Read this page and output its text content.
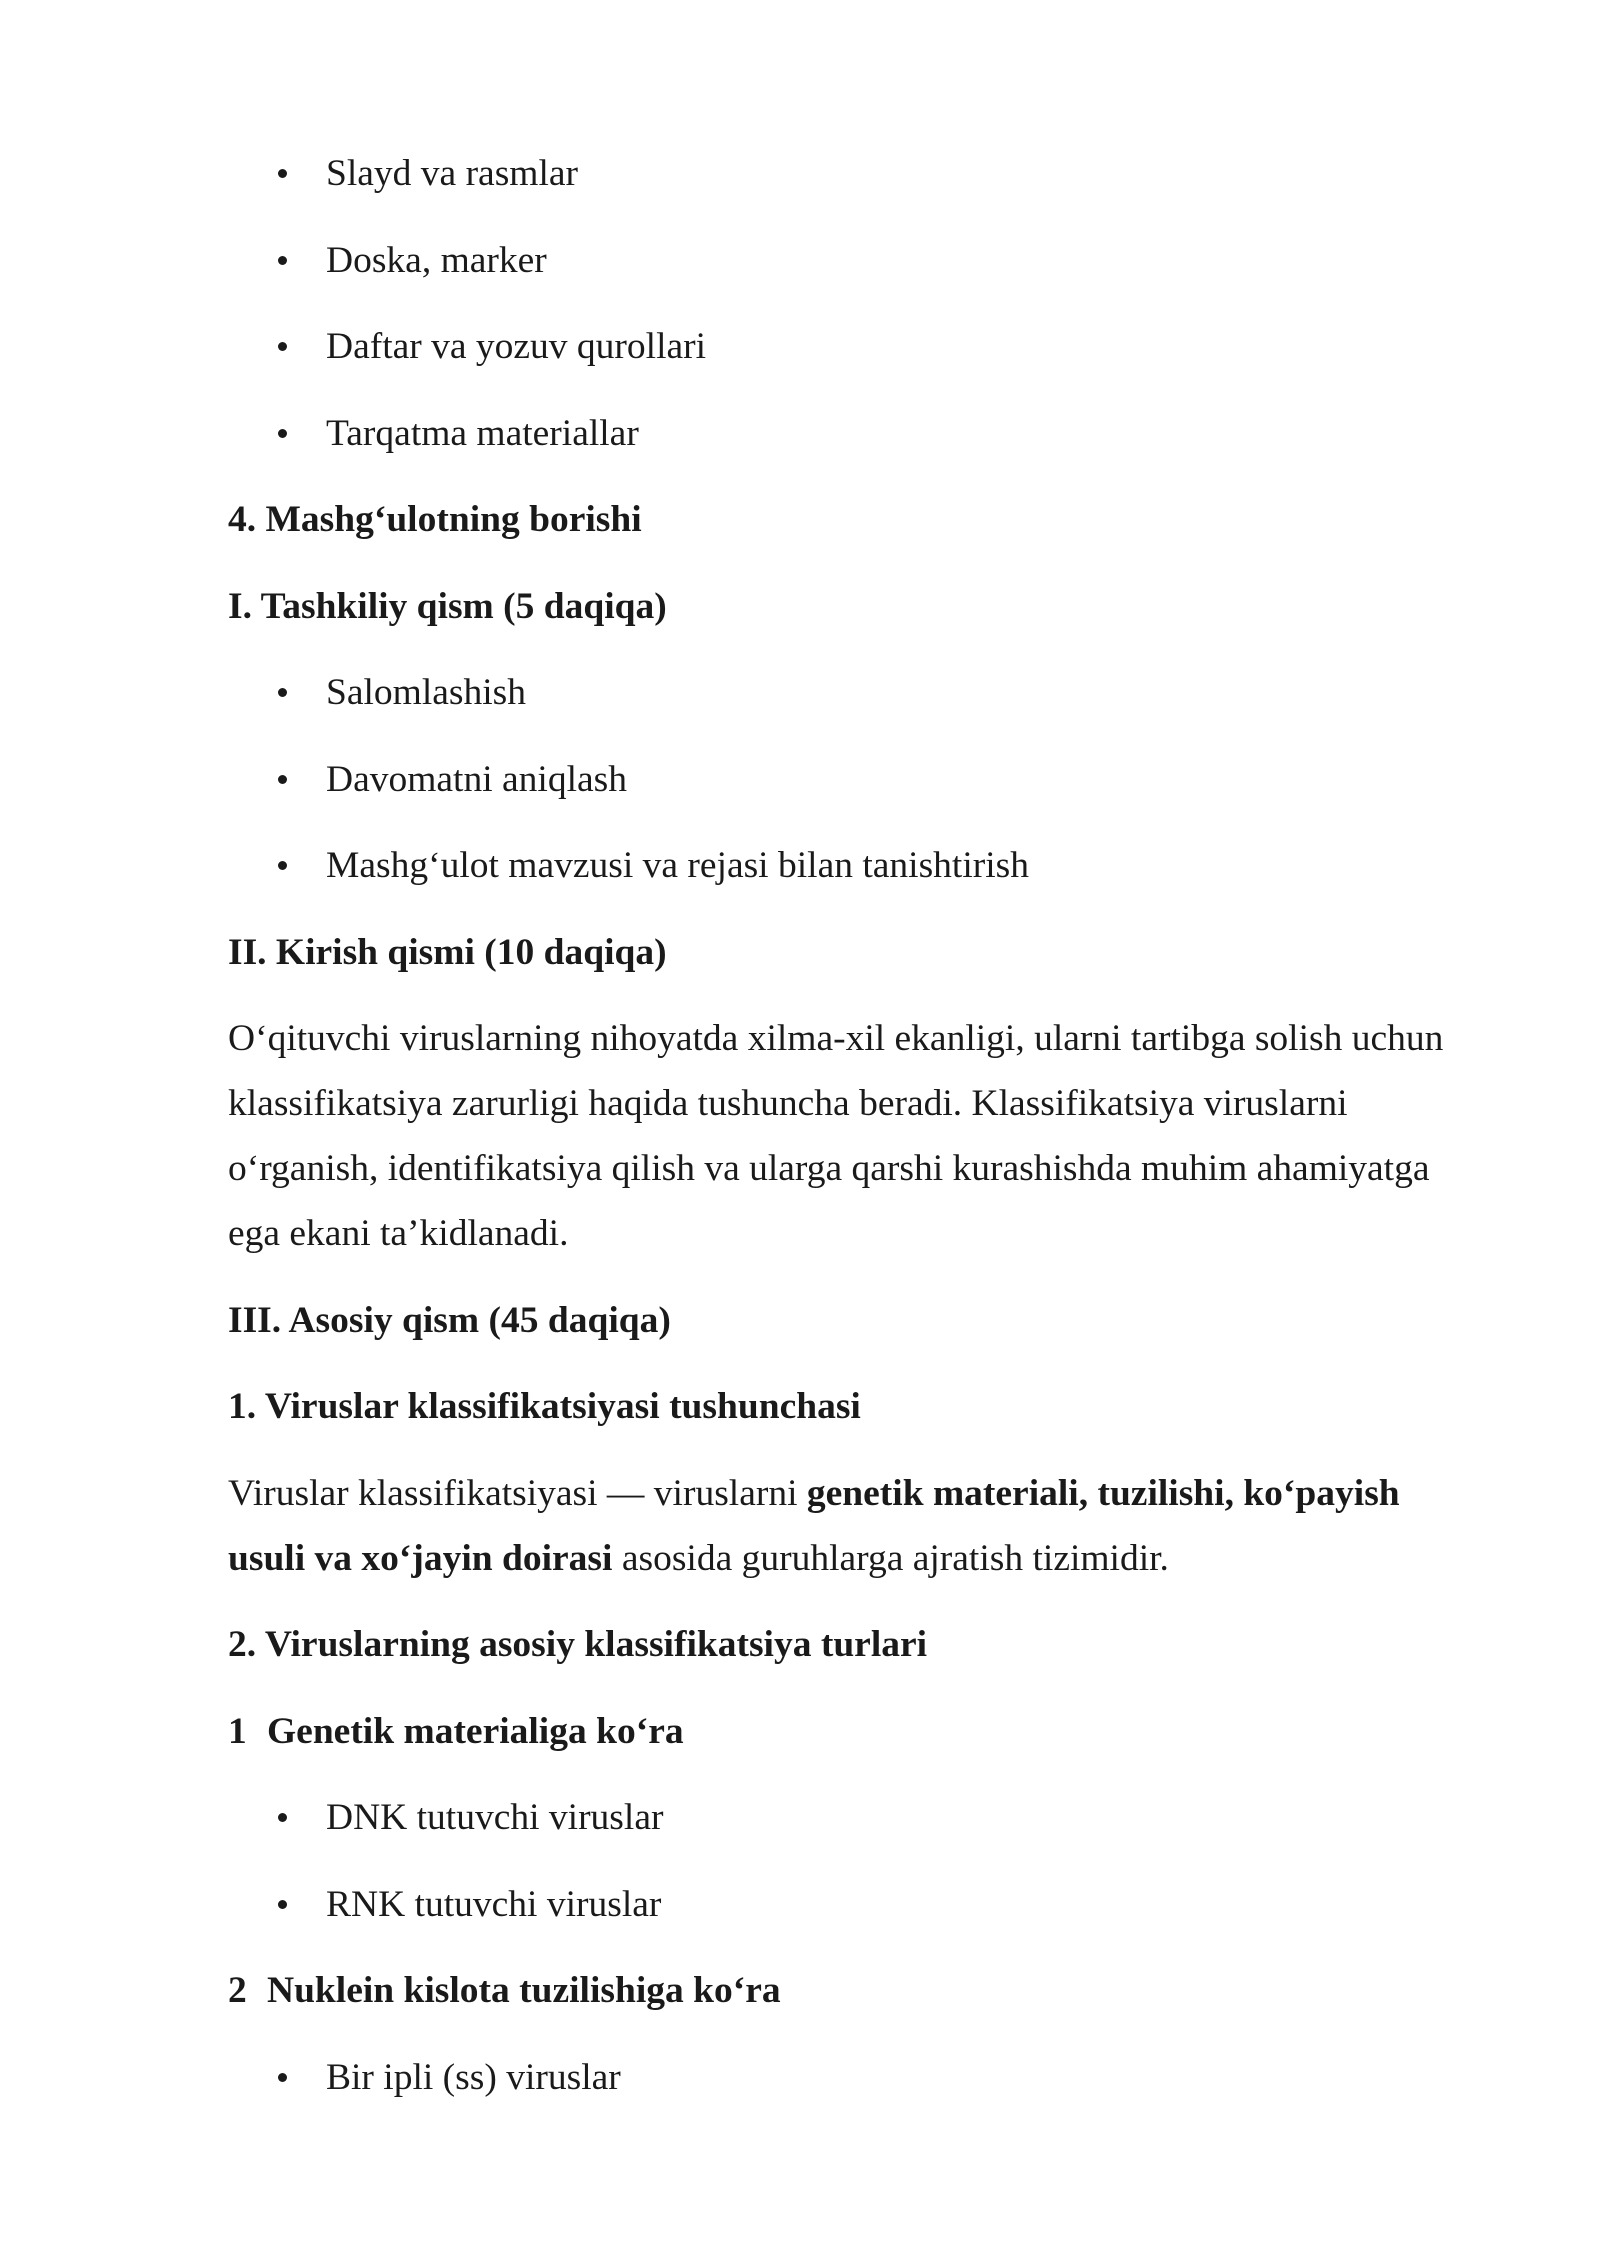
Slayd va rasmlar
Doska, marker
Daftar va yozuv qurollari
Tarqatma materiallar
4. Mashg‘ulotning borishi
I. Tashkiliy qism (5 daqiqa)
Salomlashish
Davomatni aniqlash
Mashg‘ulot mavzusi va rejasi bilan tanishtirish
II. Kirish qismi (10 daqiqa)
O‘qituvchi viruslarning nihoyatda xilma-xil ekanligi, ularni tartibga solish uchun klassifikatsiya zarurligi haqida tushuncha beradi. Klassifikatsiya viruslarni o‘rganish, identifikatsiya qilish va ularga qarshi kurashishda muhim ahamiyatga ega ekani ta’kidlanadi.
III. Asosiy qism (45 daqiqa)
1. Viruslar klassifikatsiyasi tushunchasi
Viruslar klassifikatsiyasi — viruslarni genetik materiali, tuzilishi, ko‘payish usuli va xo‘jayin doirasi asosida guruhlarga ajratish tizimidir.
2. Viruslarning asosiy klassifikatsiya turlari
1 Genetik materialiga ko‘ra
DNK tutuvchi viruslar
RNK tutuvchi viruslar
2 Nuklein kislota tuzilishiga ko‘ra
Bir ipli (ss) viruslar
